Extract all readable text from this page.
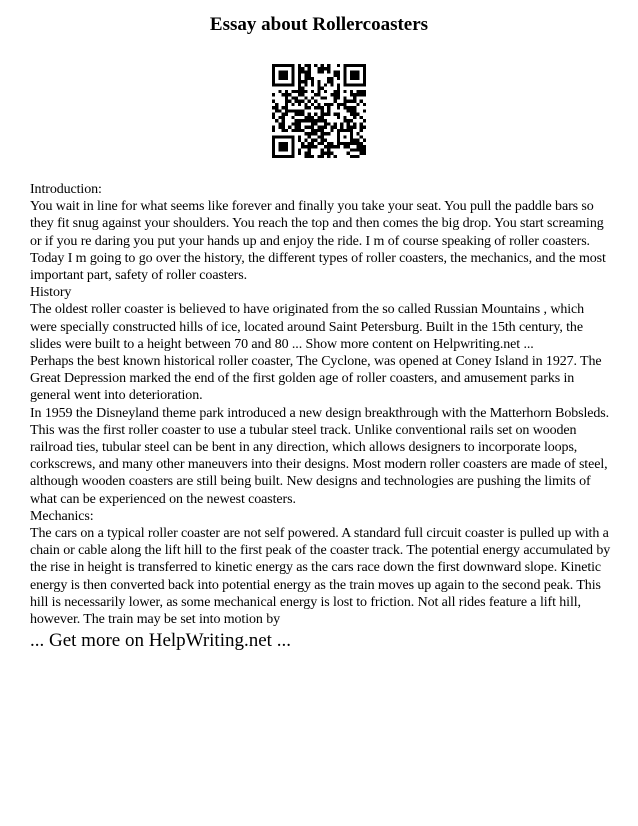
Essay about Rollercoasters

Introduction:

You wait in line for what seems like forever and finally you take your seat. You pull the paddle bars so they fit snug against your shoulders. You reach the top and then comes the big drop. You start screaming or if you re daring you put your hands up and enjoy the ride. I m of course speaking of roller coasters. Today I m going to go over the history, the different types of roller coasters, the mechanics, and the most important part, safety of roller coasters.

History

The oldest roller coaster is believed to have originated from the so called Russian Mountains , which were specially constructed hills of ice, located around Saint Petersburg. Built in the 15th century, the slides were built to a height between 70 and 80 ... Show more content on Helpwriting.net ...

Perhaps the best known historical roller coaster, The Cyclone, was opened at Coney Island in 1927. The Great Depression marked the end of the first golden age of roller coasters, and amusement parks in general went into deterioration.

In 1959 the Disneyland theme park introduced a new design breakthrough with the Matterhorn Bobsleds. This was the first roller coaster to use a tubular steel track. Unlike conventional rails set on wooden railroad ties, tubular steel can be bent in any direction, which allows designers to incorporate loops, corkscrews, and many other maneuvers into their designs. Most modern roller coasters are made of steel, although wooden coasters are still being built. New designs and technologies are pushing the limits of what can be experienced on the newest coasters.

Mechanics:

The cars on a typical roller coaster are not self powered. A standard full circuit coaster is pulled up with a chain or cable along the lift hill to the first peak of the coaster track. The potential energy accumulated by the rise in height is transferred to kinetic energy as the cars race down the first downward slope. Kinetic energy is then converted back into potential energy as the train moves up again to the second peak. This hill is necessarily lower, as some mechanical energy is lost to friction. Not all rides feature a lift hill, however. The train may be set into motion by

... Get more on HelpWriting.net ...
